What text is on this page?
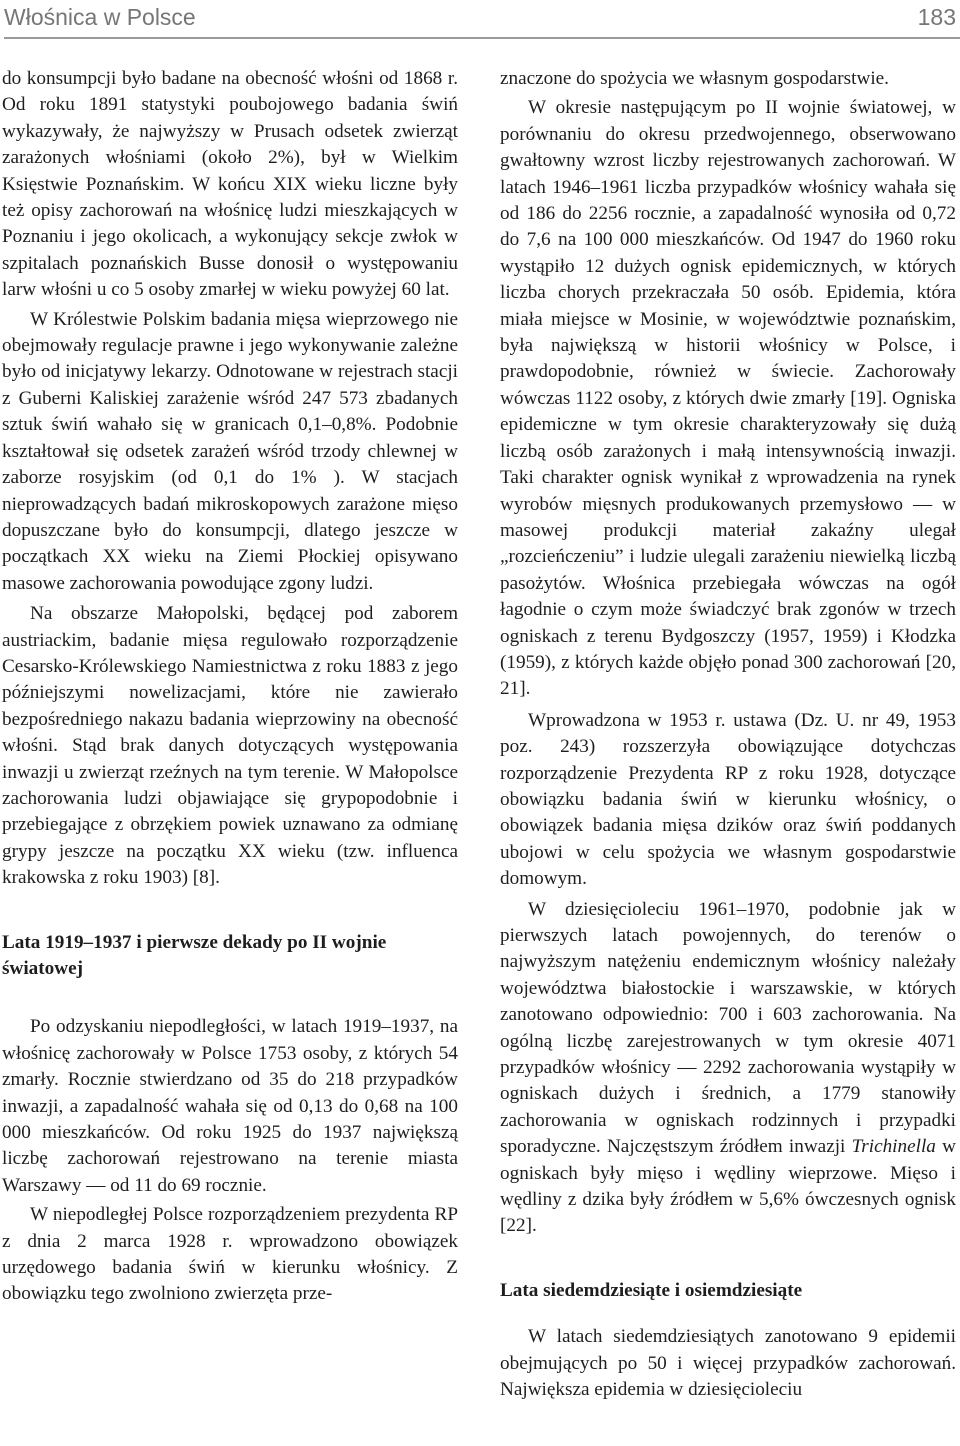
Włośnica w Polsce	183

do konsumpcji było badane na obecność włośni od 1868 r. Od roku 1891 statystyki poubojowego badania świń wykazywały, że najwyższy w Prusach odsetek zwierząt zarażonych włośniami (około 2%), był w Wielkim Księstwie Poznańskim. W końcu XIX wieku liczne były też opisy zachorowań na włośnicę ludzi mieszkających w Poznaniu i jego okolicach, a wykonujący sekcje zwłok w szpitalach poznańskich Busse donosił o występowaniu larw włośni u co 5 osoby zmarłej w wieku powyżej 60 lat.

W Królestwie Polskim badania mięsa wieprzowego nie obejmowały regulacje prawne i jego wykonywanie zależne było od inicjatywy lekarzy. Odnotowane w rejestrach stacji z Guberni Kaliskiej zarażenie wśród 247 573 zbadanych sztuk świń wahało się w granicach 0,1–0,8%. Podobnie kształtował się odsetek zarażeń wśród trzody chlewnej w zaborze rosyjskim (od 0,1 do 1% ). W stacjach nieprowadzących badań mikroskopowych zarażone mięso dopuszczane było do konsumpcji, dlatego jeszcze w początkach XX wieku na Ziemi Płockiej opisywano masowe zachorowania powodujące zgony ludzi.

Na obszarze Małopolski, będącej pod zaborem austriackim, badanie mięsa regulowało rozporządzenie Cesarsko-Królewskiego Namiestnictwa z roku 1883 z jego późniejszymi nowelizacjami, które nie zawierało bezpośredniego nakazu badania wieprzowiny na obecność włośni. Stąd brak danych dotyczących występowania inwazji u zwierząt rzeźnych na tym terenie. W Małopolsce zachorowania ludzi objawiające się grypopodobnie i przebiegające z obrzękiem powiek uznawano za odmianę grypy jeszcze na początku XX wieku (tzw. influenca krakowska z roku 1903) [8].

Lata 1919–1937 i pierwsze dekady po II wojnie światowej

Po odzyskaniu niepodległości, w latach 1919–1937, na włośnicę zachorowały w Polsce 1753 osoby, z których 54 zmarły. Rocznie stwierdzano od 35 do 218 przypadków inwazji, a zapadalność wahała się od 0,13 do 0,68 na 100 000 mieszkańców. Od roku 1925 do 1937 największą liczbę zachorowań rejestrowano na terenie miasta Warszawy — od 11 do 69 rocznie.

W niepodległej Polsce rozporządzeniem prezydenta RP z dnia 2 marca 1928 r. wprowadzono obowiązek urzędowego badania świń w kierunku włośnicy. Z obowiązku tego zwolniono zwierzęta prze-

znaczone do spożycia we własnym gospodarstwie.

W okresie następującym po II wojnie światowej, w porównaniu do okresu przedwojennego, obserwowano gwałtowny wzrost liczby rejestrowanych zachorowań. W latach 1946–1961 liczba przypadków włośnicy wahała się od 186 do 2256 rocznie, a zapadalność wynosiła od 0,72 do 7,6 na 100 000 mieszkańców. Od 1947 do 1960 roku wystąpiło 12 dużych ognisk epidemicznych, w których liczba chorych przekraczała 50 osób. Epidemia, która miała miejsce w Mosinie, w województwie poznańskim, była największą w historii włośnicy w Polsce, i prawdopodobnie, również w świecie. Zachorowały wówczas 1122 osoby, z których dwie zmarły [19]. Ogniska epidemiczne w tym okresie charakteryzowały się dużą liczbą osób zarażonych i małą intensywnością inwazji. Taki charakter ognisk wynikał z wprowadzenia na rynek wyrobów mięsnych produkowanych przemysłowo — w masowej produkcji materiał zakaźny ulegał „rozcieńczeniu” i ludzie ulegali zarażeniu niewielką liczbą pasożytów. Włośnica przebiegała wówczas na ogół łagodnie o czym może świadczyć brak zgonów w trzech ogniskach z terenu Bydgoszczy (1957, 1959) i Kłodzka (1959), z których każde objęło ponad 300 zachorowań [20, 21].

Wprowadzona w 1953 r. ustawa (Dz. U. nr 49, 1953 poz. 243) rozszerzyła obowiązujące dotychczas rozporządzenie Prezydenta RP z roku 1928, dotyczące obowiązku badania świń w kierunku włośnicy, o obowiązek badania mięsa dzików oraz świń poddanych ubojowi w celu spożycia we własnym gospodarstwie domowym.

W dziesięcioleciu 1961–1970, podobnie jak w pierwszych latach powojennych, do terenów o najwyższym natężeniu endemicznym włośnicy należały województwa białostockie i warszawskie, w których zanotowano odpowiednio: 700 i 603 zachorowania. Na ogólną liczbę zarejestrowanych w tym okresie 4071 przypadków włośnicy — 2292 zachorowania wystąpiły w ogniskach dużych i średnich, a 1779 stanowiły zachorowania w ogniskach rodzinnych i przypadki sporadyczne. Najczęstszym źródłem inwazji Trichinella w ogniskach były mięso i wędliny wieprzowe. Mięso i wędliny z dzika były źródłem w 5,6% ówczesnych ognisk [22].

Lata siedemdziesiąte i osiemdziesiąte

W latach siedemdziesiątych zanotowano 9 epidemii obejmujących po 50 i więcej przypadków zachorowań. Największa epidemia w dziesięcioleciu
